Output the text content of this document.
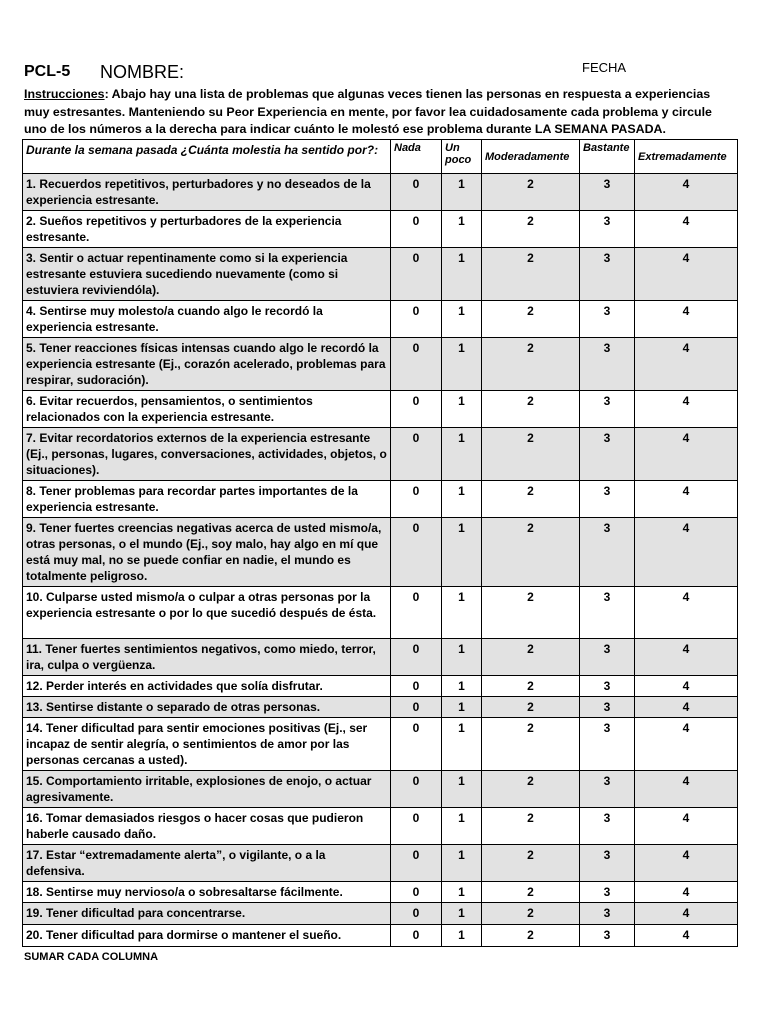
PCL-5 NOMBRE:	FECHA
Instrucciones: Abajo hay una lista de problemas que algunas veces tienen las personas en respuesta a experiencias muy estresantes. Manteniendo su Peor Experiencia en mente, por favor lea cuidadosamente cada problema y circule uno de los números a la derecha para indicar cuánto le molestó ese problema durante LA SEMANA PASADA.
Durante la semana pasada ¿Cuánta molestia ha sentido por?:	Nada	Un poco	Moderadamente	Bastante	Extremadamente
1. Recuerdos repetitivos, perturbadores y no deseados de la experiencia estresante.	0	1	2	3	4
2. Sueños repetitivos y perturbadores de la experiencia estresante.	0	1	2	3	4
3. Sentir o actuar repentinamente como si la experiencia estresante estuviera sucediendo nuevamente (como si estuviera reviviendóla).	0	1	2	3	4
4. Sentirse muy molesto/a cuando algo le recordó la experiencia estresante.	0	1	2	3	4
5. Tener reacciones físicas intensas cuando algo le recordó la experiencia estresante (Ej., corazón acelerado, problemas para respirar, sudoración).	0	1	2	3	4
6. Evitar recuerdos, pensamientos, o sentimientos relacionados con la experiencia estresante.	0	1	2	3	4
7. Evitar recordatorios externos de la experiencia estresante (Ej., personas, lugares, conversaciones, actividades, objetos, o situaciones).	0	1	2	3	4
8. Tener problemas para recordar partes importantes de la experiencia estresante.	0	1	2	3	4
9. Tener fuertes creencias negativas acerca de usted mismo/a, otras personas, o el mundo (Ej., soy malo, hay algo en mí que está muy mal, no se puede confiar en nadie, el mundo es totalmente peligroso.	0	1	2	3	4
10. Culparse usted mismo/a o culpar a otras personas por la experiencia estresante o por lo que sucedió después de ésta.	0	1	2	3	4
11. Tener fuertes sentimientos negativos, como miedo, terror, ira, culpa o vergüenza.	0	1	2	3	4
12. Perder interés en actividades que solía disfrutar.	0	1	2	3	4
13. Sentirse distante o separado de otras personas.	0	1	2	3	4
14. Tener dificultad para sentir emociones positivas (Ej., ser incapaz de sentir alegría, o sentimientos de amor por las personas cercanas a usted).	0	1	2	3	4
15. Comportamiento irritable, explosiones de enojo, o actuar agresivamente.	0	1	2	3	4
16. Tomar demasiados riesgos o hacer cosas que pudieron haberle causado daño.	0	1	2	3	4
17. Estar “extremadamente alerta”, o vigilante, o a la defensiva.	0	1	2	3	4
18. Sentirse muy nervioso/a o sobresaltarse fácilmente.	0	1	2	3	4
19. Tener dificultad para concentrarse.	0	1	2	3	4
20. Tener dificultad para dormirse o mantener el sueño.	0	1	2	3	4
SUMAR CADA COLUMNA
